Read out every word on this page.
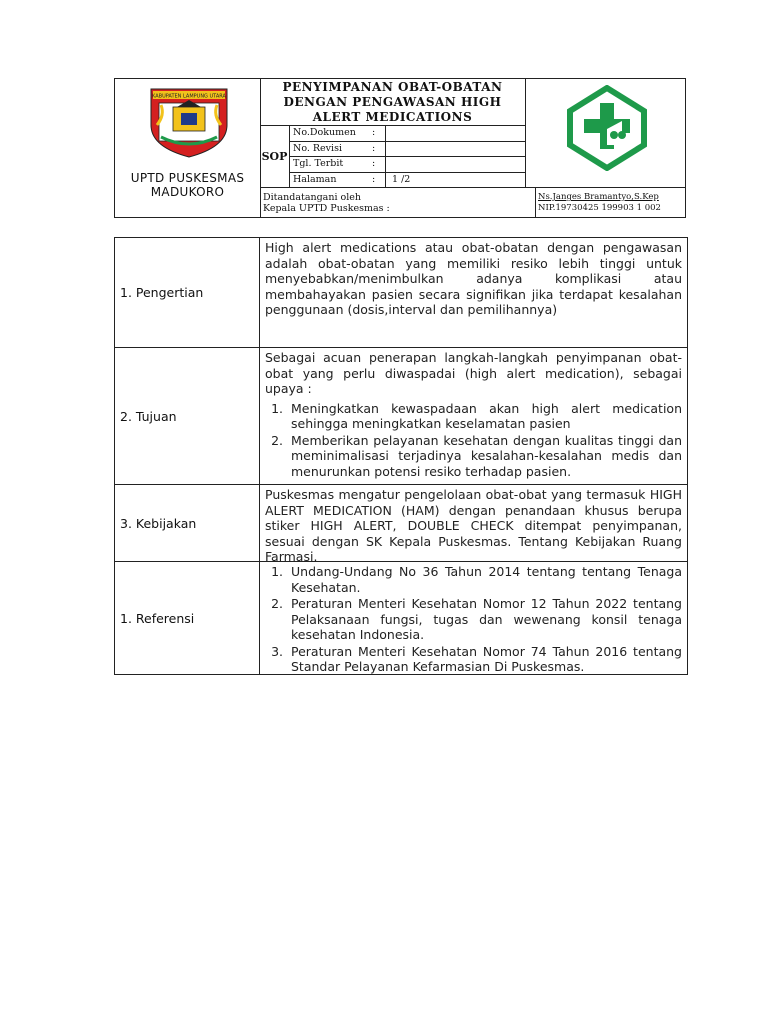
KABUPATEN LAMPUNG UTARA
UPTD PUSKESMAS
MADUKORO
PENYIMPANAN OBAT-OBATAN
DENGAN PENGAWASAN HIGH
ALERT MEDICATIONS
SOP
No.Dokumen :
No. Revisi	:
Tgl. Terbit	:
Halaman	:	1 /2
Ditandatangani oleh
Kepala UPTD Puskesmas :
Ns.Janges Bramantyo,S.Kep
NIP.19730425 199903 1 002
1. Pengertian
High alert medications atau obat-obatan dengan pengawasan adalah obat-obatan yang memiliki resiko lebih tinggi untuk menyebabkan/menimbulkan adanya komplikasi atau membahayakan pasien secara signifikan jika terdapat kesalahan penggunaan (dosis,interval dan pemilihannya)
2. Tujuan
Sebagai acuan penerapan langkah-langkah penyimpanan obat-obat yang perlu diwaspadai (high alert medication), sebagai upaya :
1. Meningkatkan kewaspadaan akan high alert medication sehingga meningkatkan keselamatan pasien
2. Memberikan pelayanan kesehatan dengan kualitas tinggi dan meminimalisasi terjadinya kesalahan-kesalahan medis dan menurunkan potensi resiko terhadap pasien.
3. Kebijakan
Puskesmas mengatur pengelolaan obat-obat yang termasuk HIGH ALERT MEDICATION (HAM) dengan penandaan khusus berupa stiker HIGH ALERT, DOUBLE CHECK ditempat penyimpanan, sesuai dengan SK Kepala Puskesmas. Tentang Kebijakan Ruang Farmasi.
1. Referensi
1. Undang-Undang No 36 Tahun 2014 tentang tentang Tenaga Kesehatan.
2. Peraturan Menteri Kesehatan Nomor 12 Tahun 2022 tentang Pelaksanaan fungsi, tugas dan wewenang konsil tenaga kesehatan Indonesia.
3. Peraturan Menteri Kesehatan Nomor 74 Tahun 2016 tentang Standar Pelayanan Kefarmasian Di Puskesmas.
